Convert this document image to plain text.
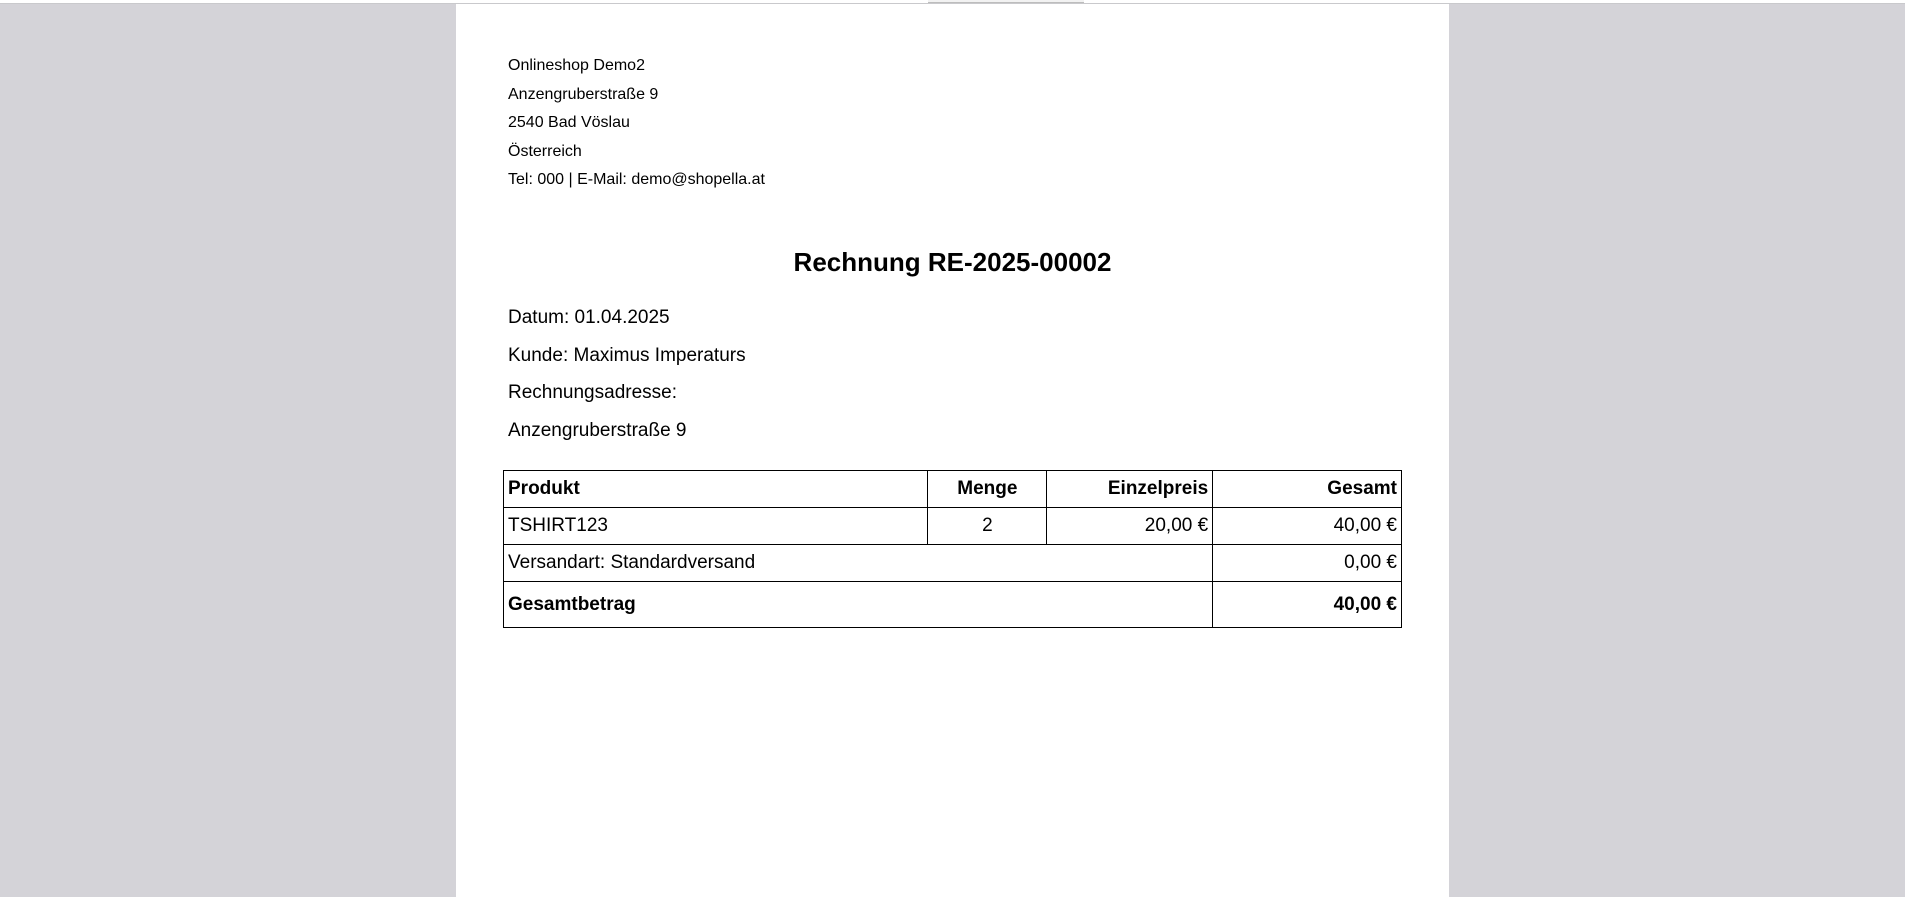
Onlineshop Demo2
Anzengruberstraße 9
2540 Bad Vöslau
Österreich
Tel: 000 | E-Mail: demo@shopella.at
Rechnung RE-2025-00002
Datum: 01.04.2025
Kunde: Maximus Imperaturs
Rechnungsadresse:
Anzengruberstraße 9
Produkt	Menge	Einzelpreis	Gesamt
TSHIRT123	2	20,00 €	40,00 €
Versandart: Standardversand			0,00 €
Gesamtbetrag			40,00 €
